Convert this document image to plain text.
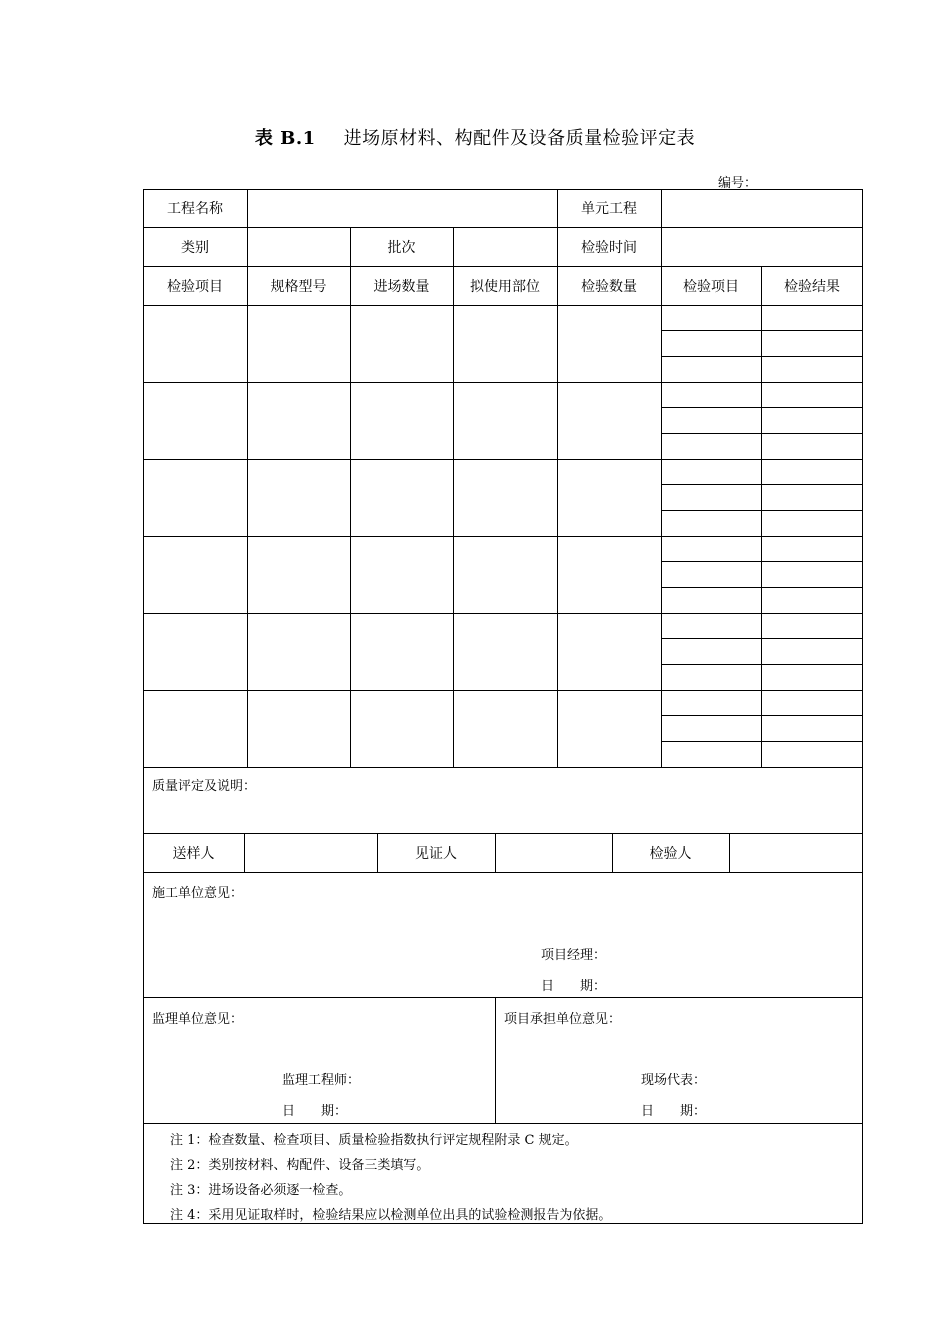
表 B.1 进场原材料、构配件及设备质量检验评定表
编号：
工程名称	单元工程
类别	批次	检验时间
检验项目	规格型号	进场数量	拟使用部位	检验数量	检验项目	检验结果
质量评定及说明：
送样人	见证人	检验人
施工单位意见：
项目经理：
日　　期：
监理单位意见：
监理工程师：
日　　期：
项目承担单位意见：
现场代表：
日　　期：
注 1：检查数量、检查项目、质量检验指数执行评定规程附录 C 规定。
注 2：类别按材料、构配件、设备三类填写。
注 3：进场设备必须逐一检查。
注 4：采用见证取样时，检验结果应以检测单位出具的试验检测报告为依据。
